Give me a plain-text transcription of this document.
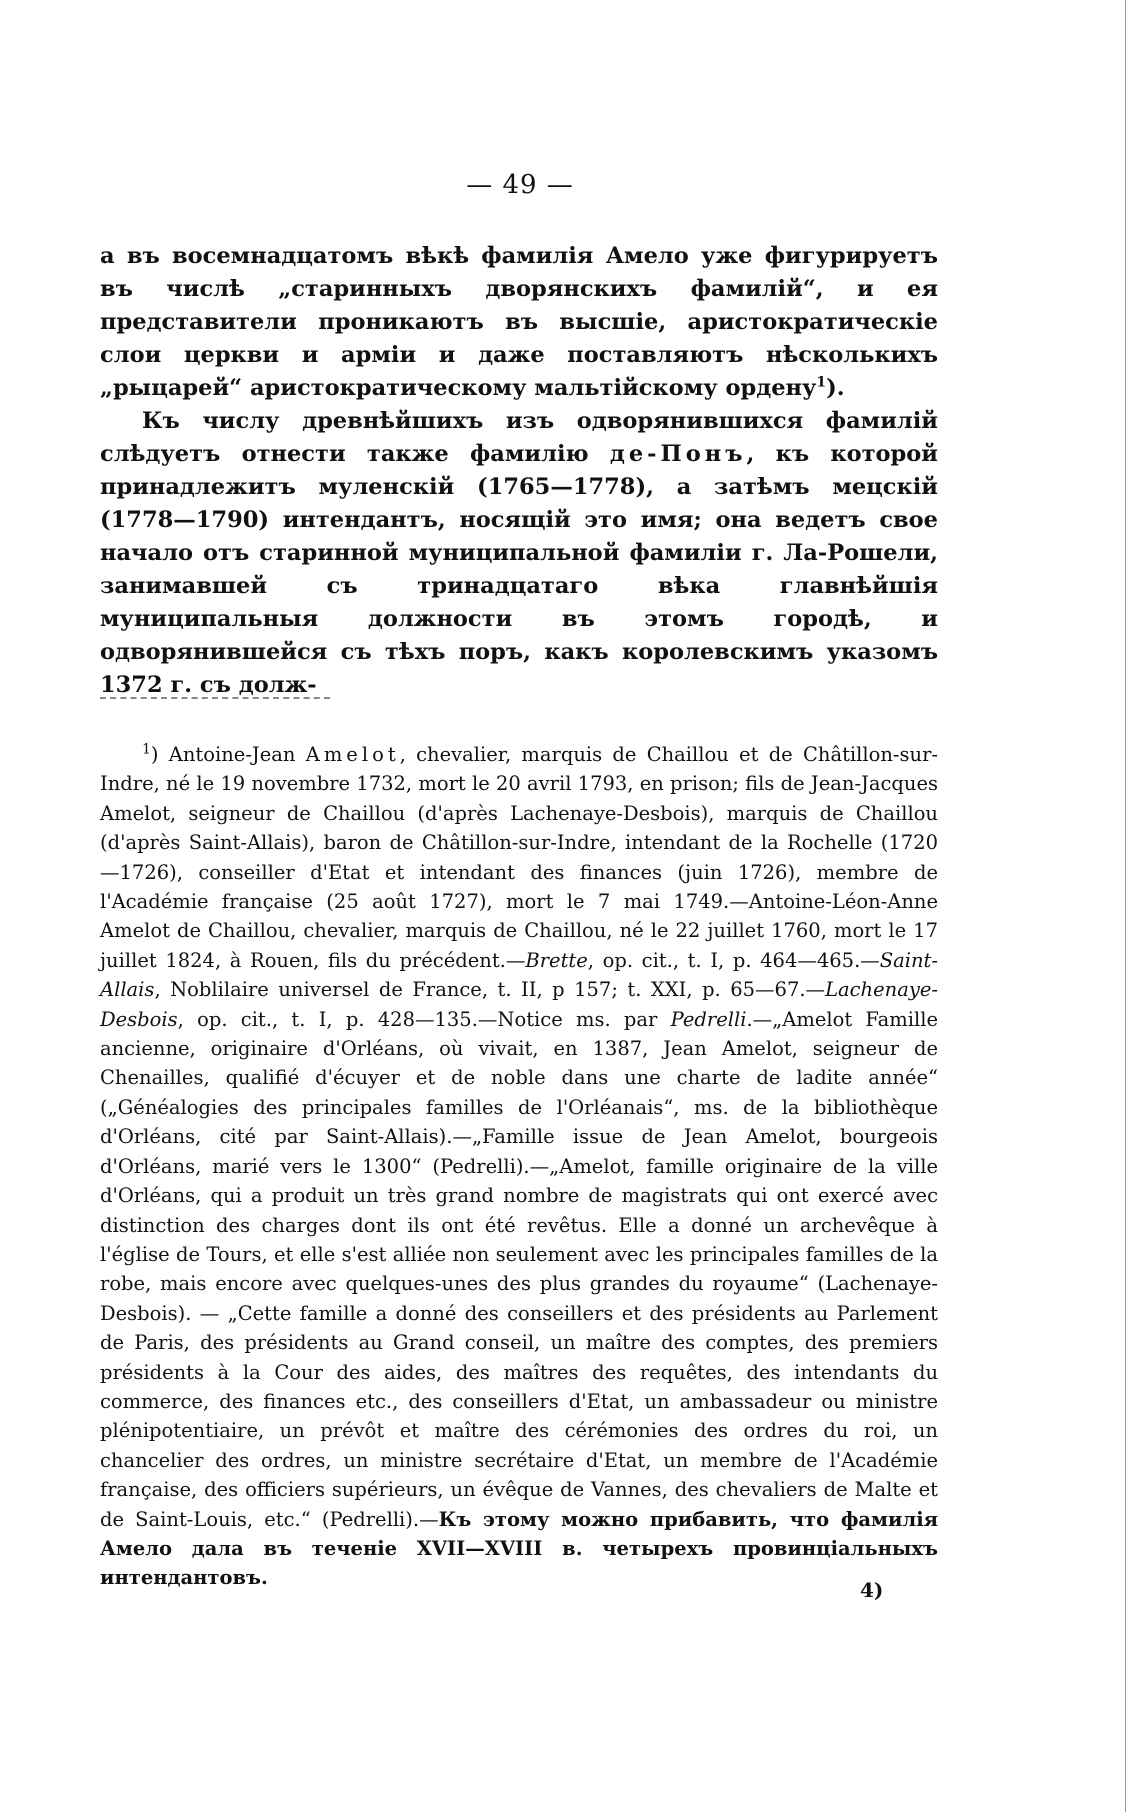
— 49 —

а въ восемнадцатомъ вѣкѣ фамилія Амело уже фигурируетъ въ числѣ „старинныхъ дворянскихъ фамилій“, и ея представители проникаютъ въ высшіе, аристократическіе слои церкви и арміи и даже поставляютъ нѣсколькихъ „рыцарей“ аристократическому мальтійскому ордену$^1$).

Къ числу древнѣйшихъ изъ одворянившихся фамилій слѣдуетъ отнести также фамилію де-Понъ, къ которой принадлежитъ муленскій (1765—1778), а затѣмъ мецскій (1778—1790) интендантъ, носящій это имя; она ведетъ свое начало отъ старинной муниципальной фамиліи г. Ла-Рошели, занимавшей съ тринадцатаго вѣка главнѣйшія муниципальныя должности въ этомъ городѣ, и одворянившейся съ тѣхъ поръ, какъ королевскимъ указомъ 1372 г. съ долж-

$^1$) Antoine-Jean Amelot, chevalier, marquis de Chaillou et de Châtillon-sur-Indre, né le 19 novembre 1732, mort le 20 avril 1793, en prison; fils de Jean-Jacques Amelot, seigneur de Chaillou (d'après Lachenaye-Desbois), marquis de Chaillou (d'après Saint-Allais), baron de Châtillon-sur-Indre, intendant de la Rochelle (1720—1726), conseiller d'Etat et intendant des finances (juin 1726), membre de l'Académie française (25 août 1727), mort le 7 mai 1749.—Antoine-Léon-Anne Amelot de Chaillou, chevalier, marquis de Chaillou, né le 22 juillet 1760, mort le 17 juillet 1824, à Rouen, fils du précédent.—Brette, op. cit., t. I, p. 464—465.—Saint-Allais, Noblilaire universel de France, t. II, p 157; t. XXI, p. 65—67.—Lachenaye-Desbois, op. cit., t. I, p. 428—135.—Notice ms. par Pedrelli.—„Amelot Famille ancienne, originaire d'Orléans, où vivait, en 1387, Jean Amelot, seigneur de Chenailles, qualifié d'écuyer et de noble dans une charte de ladite année“ („Généalogies des principales familles de l'Orléanais“, ms. de la bibliothèque d'Orléans, cité par Saint-Allais).—„Famille issue de Jean Amelot, bourgeois d'Orléans, marié vers le 1300“ (Pedrelli).—„Amelot, famille originaire de la ville d'Orléans, qui a produit un très grand nombre de magistrats qui ont exercé avec distinction des charges dont ils ont été revêtus. Elle a donné un archevêque à l'église de Tours, et elle s'est alliée non seulement avec les principales familles de la robe, mais encore avec quelques-unes des plus grandes du royaume“ (Lachenaye-Desbois). — „Cette famille a donné des conseillers et des présidents au Parlement de Paris, des présidents au Grand conseil, un maître des comptes, des premiers présidents à la Cour des aides, des maîtres des requêtes, des intendants du commerce, des finances etc., des conseillers d'Etat, un ambassadeur ou ministre plénipotentiaire, un prévôt et maître des cérémonies des ordres du roi, un chancelier des ordres, un ministre secrétaire d'Etat, un membre de l'Académie française, des officiers supérieurs, un évêque de Vannes, des chevaliers de Malte et de Saint-Louis, etc.“ (Pedrelli).—Къ этому можно прибавить, что фамилія Амело дала въ теченіе XVII—XVIII в. четырехъ провинціальныхъ интендантовъ.

4)
